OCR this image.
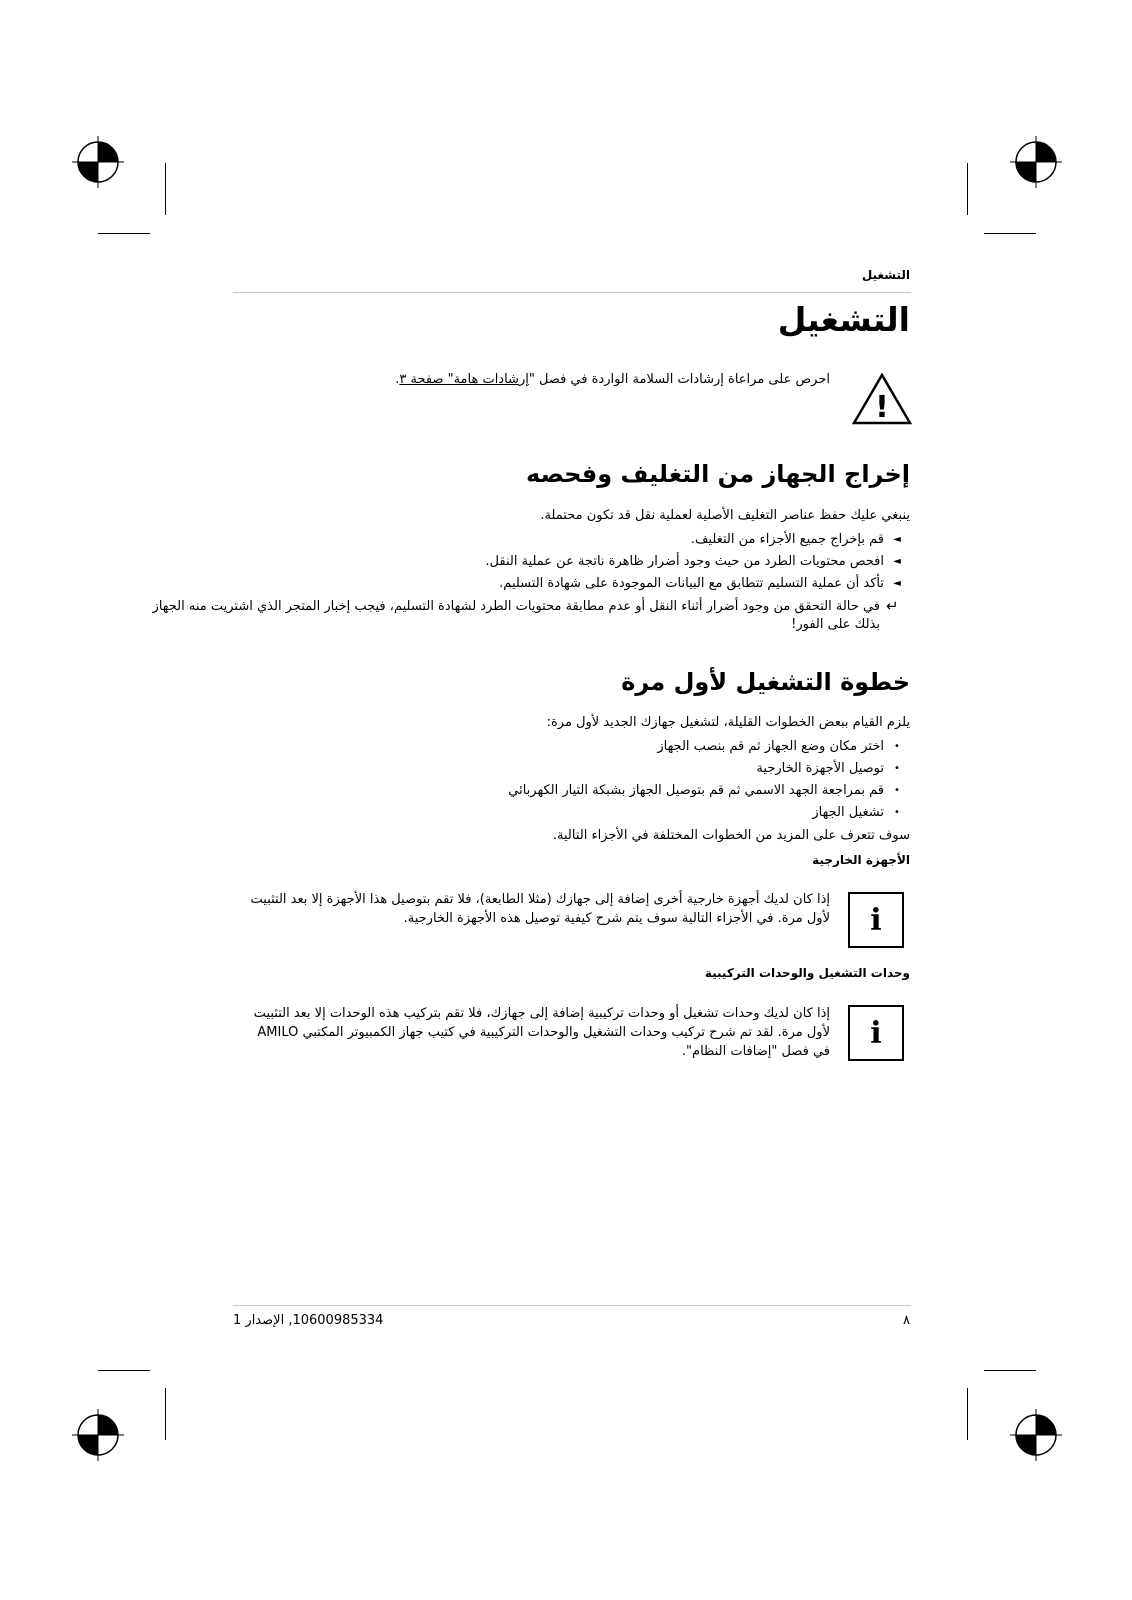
التشغيل
التشغيل
!
احرص على مراعاة إرشادات السلامة الواردة في فصل "إرشادات هامة" صفحة ٣.
إخراج الجهاز من التغليف وفحصه
ينبغي عليك حفظ عناصر التغليف الأصلية لعملية نقل قد تكون محتملة.
◄
قم بإخراج جميع الأجزاء من التغليف.
◄
افحص محتويات الطرد من حيث وجود أضرار ظاهرة ناتجة عن عملية النقل.
◄
تأكد أن عملية التسليم تتطابق مع البيانات الموجودة على شهادة التسليم.
↵
في حالة التحقق من وجود أضرار أثناء النقل أو عدم مطابقة محتويات الطرد لشهادة التسليم، فيجب إخبار المتجر الذي اشتريت منه الجهاز
بذلك على الفور!
خطوة التشغيل لأول مرة
يلزم القيام ببعض الخطوات القليلة، لتشغيل جهازك الجديد لأول مرة:
•
اختر مكان وضع الجهاز ثم قم بنصب الجهاز
•
توصيل الأجهزة الخارجية
•
قم بمراجعة الجهد الاسمي ثم قم بتوصيل الجهاز بشبكة التيار الكهربائي
•
تشغيل الجهاز
سوف تتعرف على المزيد من الخطوات المختلفة في الأجزاء التالية.
الأجهزة الخارجية
i
إذا كان لديك أجهزة خارجية أخرى إضافة إلى جهازك (مثلا الطابعة)، فلا تقم بتوصيل هذا الأجهزة إلا بعد التثبيت لأول مرة. في الأجزاء التالية سوف يتم شرح كيفية توصيل هذه الأجهزة الخارجية.
وحدات التشغيل والوحدات التركيبية
i
إذا كان لديك وحدات تشغيل أو وحدات تركيبية إضافة إلى جهازك، فلا تقم بتركيب هذه الوحدات إلا بعد التثبيت لأول مرة. لقد تم شرح تركيب وحدات التشغيل والوحدات التركيبية في كتيب جهاز الكمبيوتر المكتبي AMILO في فصل "إضافات النظام".
٨
10600985334, الإصدار 1
